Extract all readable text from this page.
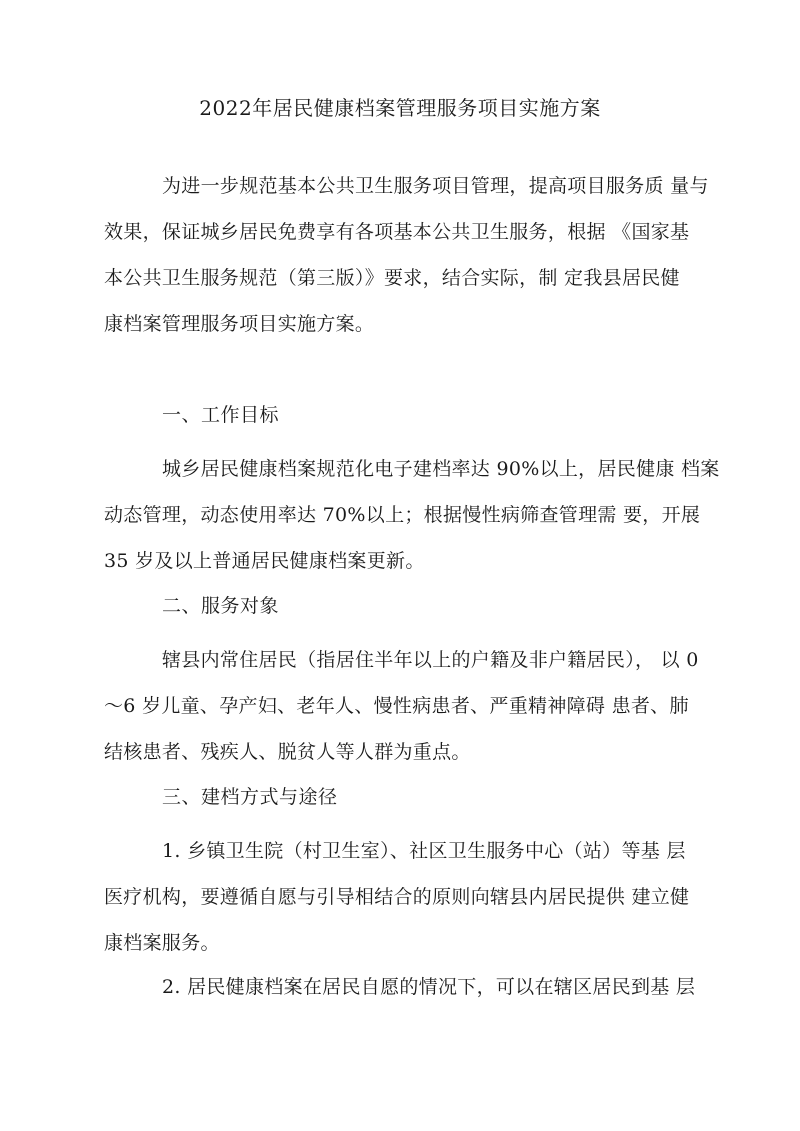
2022年居民健康档案管理服务项目实施方案
为进一步规范基本公共卫生服务项目管理，提高项目服务质 量与
效果，保证城乡居民免费享有各项基本公共卫生服务，根据 《国家基
本公共卫生服务规范（第三版）》要求，结合实际，制 定我县居民健
康档案管理服务项目实施方案。
一、工作目标
城乡居民健康档案规范化电子建档率达 90%以上，居民健康 档案
动态管理，动态使用率达 70%以上；根据慢性病筛查管理需 要，开展
35 岁及以上普通居民健康档案更新。
二、服务对象
辖县内常住居民（指居住半年以上的户籍及非户籍居民）， 以 0
〜6 岁儿童、孕产妇、老年人、慢性病患者、严重精神障碍 患者、肺
结核患者、残疾人、脱贫人等人群为重点。
三、建档方式与途径
1. 乡镇卫生院（村卫生室）、社区卫生服务中心（站）等基 层
医疗机构，要遵循自愿与引导相结合的原则向辖县内居民提供 建立健
康档案服务。
2. 居民健康档案在居民自愿的情况下，可以在辖区居民到基 层
